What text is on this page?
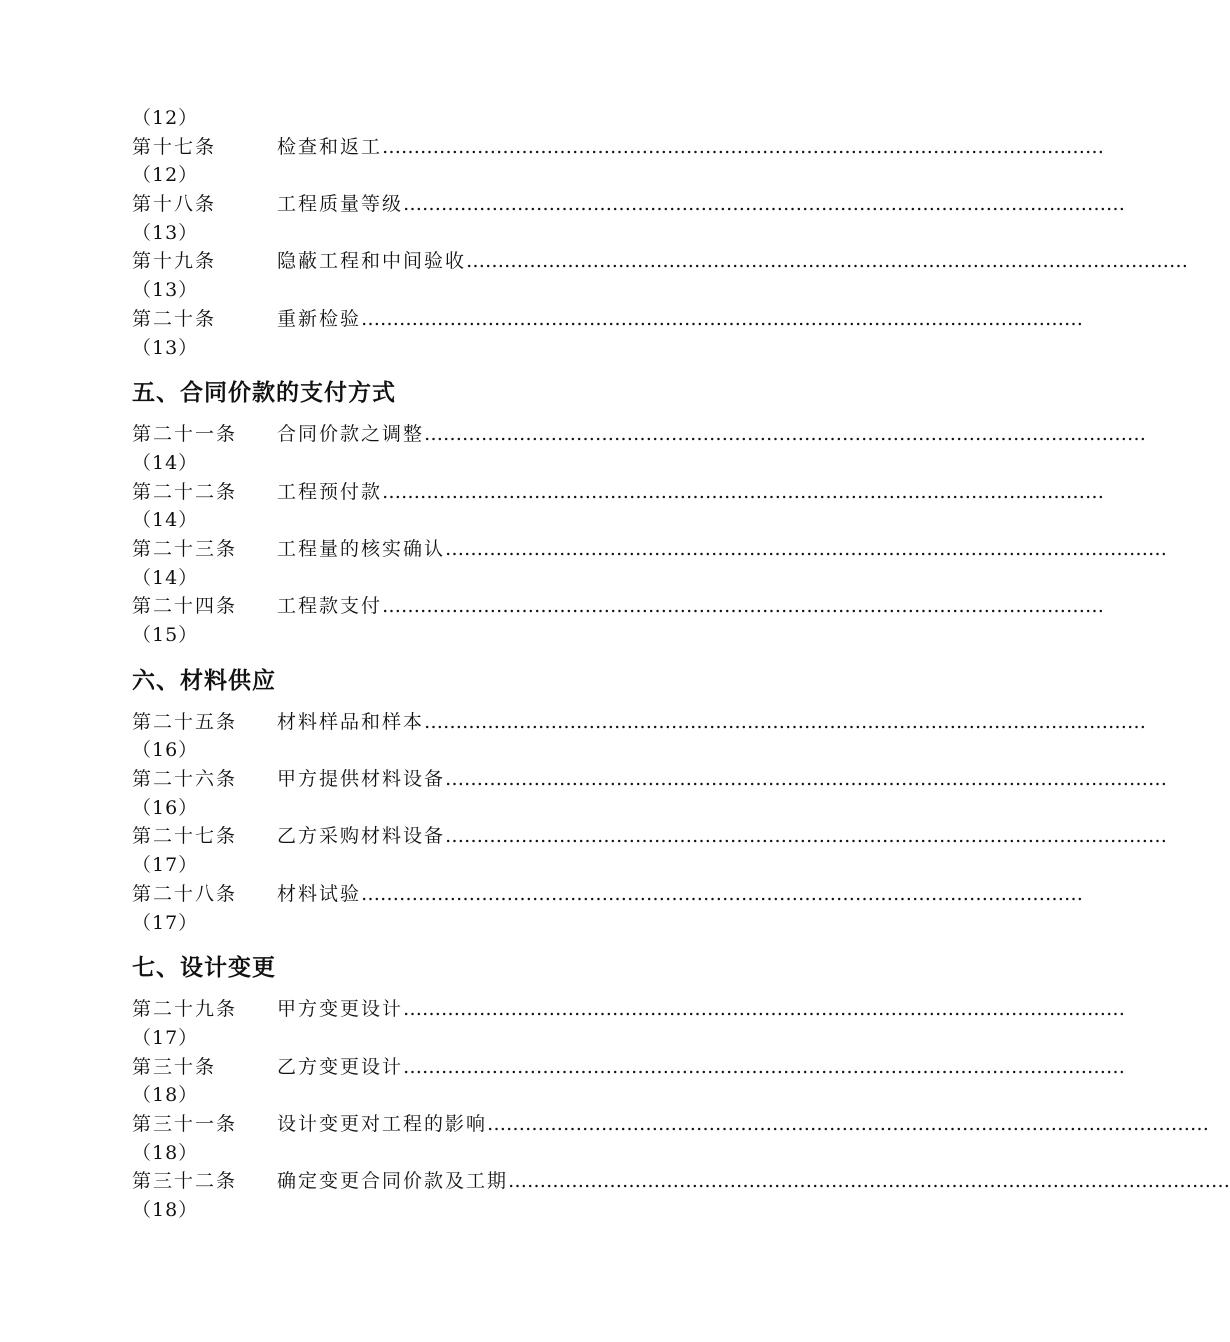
（12）
第十七条	检查和返工 ……………………………………………………………………………………………………
（12）
第十八条	工程质量等级 ……………………………………………………………………………………………………
（13）
第十九条	隐蔽工程和中间验收 ……………………………………………………………………………………………………
（13）
第二十条	重新检验 ……………………………………………………………………………………………………
（13）
五、合同价款的支付方式
第二十一条	合同价款之调整 ……………………………………………………………………………………………………
（14）
第二十二条	工程预付款 ……………………………………………………………………………………………………
（14）
第二十三条	工程量的核实确认 ……………………………………………………………………………………………………
（14）
第二十四条	工程款支付 ……………………………………………………………………………………………………
（15）
六、材料供应
第二十五条	材料样品和样本 ……………………………………………………………………………………………………
（16）
第二十六条	甲方提供材料设备 ……………………………………………………………………………………………………
（16）
第二十七条	乙方采购材料设备 ……………………………………………………………………………………………………
（17）
第二十八条	材料试验 ……………………………………………………………………………………………………
（17）
七、设计变更
第二十九条	甲方变更设计 ……………………………………………………………………………………………………
（17）
第三十条	乙方变更设计 ……………………………………………………………………………………………………
（18）
第三十一条	设计变更对工程的影响 ……………………………………………………………………………………………………
（18）
第三十二条	确定变更合同价款及工期 ……………………………………………………………………………………………………
（18）
